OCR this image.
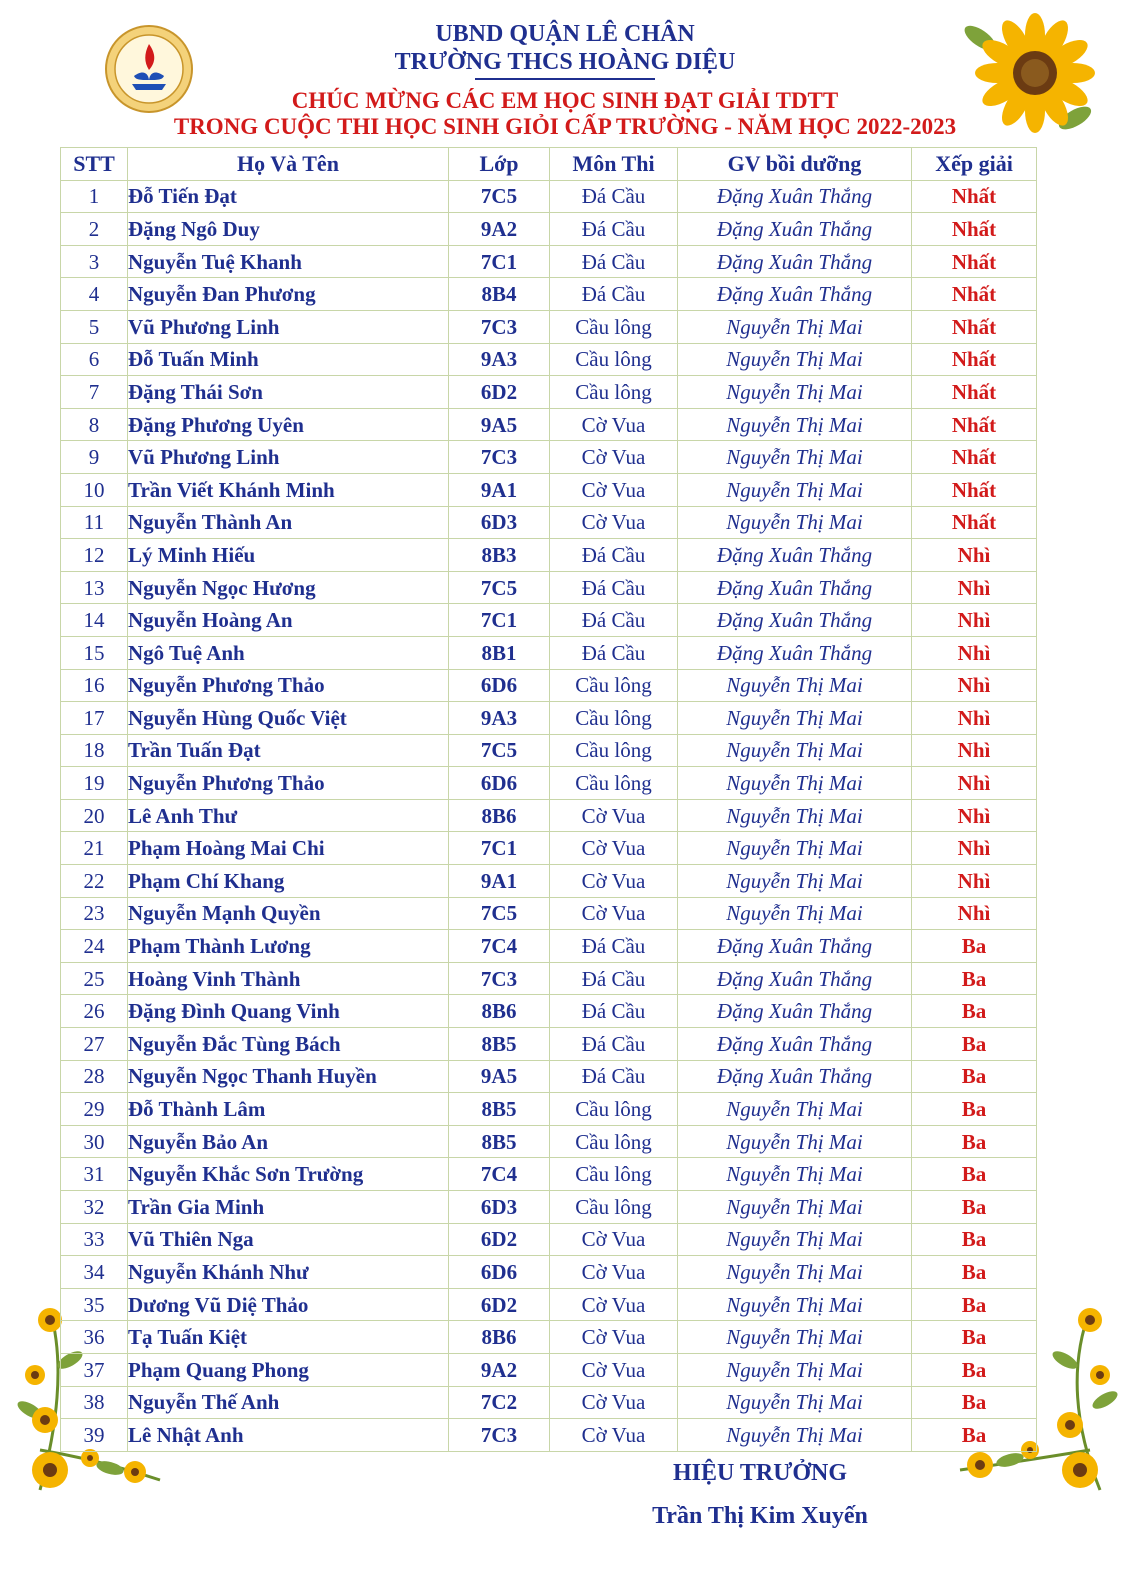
UBND QUẬN LÊ CHÂN
TRƯỜNG THCS HOÀNG DIỆU
CHÚC MỪNG CÁC EM HỌC SINH ĐẠT GIẢI TDTT
TRONG CUỘC THI HỌC SINH GIỎI CẤP TRƯỜNG - NĂM HỌC 2022-2023
STT	Họ Và Tên	Lớp	Môn Thi	GV bồi dưỡng	Xếp giải
1	Đỗ Tiến Đạt	7C5	Đá Cầu	Đặng Xuân Thắng	Nhất
2	Đặng Ngô Duy	9A2	Đá Cầu	Đặng Xuân Thắng	Nhất
3	Nguyễn Tuệ Khanh	7C1	Đá Cầu	Đặng Xuân Thắng	Nhất
4	Nguyễn Đan Phương	8B4	Đá Cầu	Đặng Xuân Thắng	Nhất
5	Vũ Phương Linh	7C3	Cầu lông	Nguyễn Thị Mai	Nhất
6	Đỗ Tuấn Minh	9A3	Cầu lông	Nguyễn Thị Mai	Nhất
7	Đặng Thái Sơn	6D2	Cầu lông	Nguyễn Thị Mai	Nhất
8	Đặng Phương Uyên	9A5	Cờ Vua	Nguyễn Thị Mai	Nhất
9	Vũ Phương Linh	7C3	Cờ Vua	Nguyễn Thị Mai	Nhất
10	Trần Viết Khánh Minh	9A1	Cờ Vua	Nguyễn Thị Mai	Nhất
11	Nguyễn Thành An	6D3	Cờ Vua	Nguyễn Thị Mai	Nhất
12	Lý Minh Hiếu	8B3	Đá Cầu	Đặng Xuân Thắng	Nhì
13	Nguyễn Ngọc Hương	7C5	Đá Cầu	Đặng Xuân Thắng	Nhì
14	Nguyễn Hoàng An	7C1	Đá Cầu	Đặng Xuân Thắng	Nhì
15	Ngô Tuệ Anh	8B1	Đá Cầu	Đặng Xuân Thắng	Nhì
16	Nguyễn Phương Thảo	6D6	Cầu lông	Nguyễn Thị Mai	Nhì
17	Nguyễn Hùng Quốc Việt	9A3	Cầu lông	Nguyễn Thị Mai	Nhì
18	Trần Tuấn Đạt	7C5	Cầu lông	Nguyễn Thị Mai	Nhì
19	Nguyễn Phương Thảo	6D6	Cầu lông	Nguyễn Thị Mai	Nhì
20	Lê Anh Thư	8B6	Cờ Vua	Nguyễn Thị Mai	Nhì
21	Phạm Hoàng Mai Chi	7C1	Cờ Vua	Nguyễn Thị Mai	Nhì
22	Phạm Chí Khang	9A1	Cờ Vua	Nguyễn Thị Mai	Nhì
23	Nguyễn Mạnh Quyền	7C5	Cờ Vua	Nguyễn Thị Mai	Nhì
24	Phạm Thành Lương	7C4	Đá Cầu	Đặng Xuân Thắng	Ba
25	Hoàng Vinh Thành	7C3	Đá Cầu	Đặng Xuân Thắng	Ba
26	Đặng Đình Quang Vinh	8B6	Đá Cầu	Đặng Xuân Thắng	Ba
27	Nguyễn Đắc Tùng Bách	8B5	Đá Cầu	Đặng Xuân Thắng	Ba
28	Nguyễn Ngọc Thanh Huyền	9A5	Đá Cầu	Đặng Xuân Thắng	Ba
29	Đỗ Thành Lâm	8B5	Cầu lông	Nguyễn Thị Mai	Ba
30	Nguyễn Bảo An	8B5	Cầu lông	Nguyễn Thị Mai	Ba
31	Nguyễn Khắc Sơn Trường	7C4	Cầu lông	Nguyễn Thị Mai	Ba
32	Trần Gia Minh	6D3	Cầu lông	Nguyễn Thị Mai	Ba
33	Vũ Thiên Nga	6D2	Cờ Vua	Nguyễn Thị Mai	Ba
34	Nguyễn Khánh Như	6D6	Cờ Vua	Nguyễn Thị Mai	Ba
35	Dương Vũ Diệ Thảo	6D2	Cờ Vua	Nguyễn Thị Mai	Ba
36	Tạ Tuấn Kiệt	8B6	Cờ Vua	Nguyễn Thị Mai	Ba
37	Phạm Quang Phong	9A2	Cờ Vua	Nguyễn Thị Mai	Ba
38	Nguyễn Thế Anh	7C2	Cờ Vua	Nguyễn Thị Mai	Ba
39	Lê Nhật Anh	7C3	Cờ Vua	Nguyễn Thị Mai	Ba
HIỆU TRƯỞNG
Trần Thị Kim Xuyến
